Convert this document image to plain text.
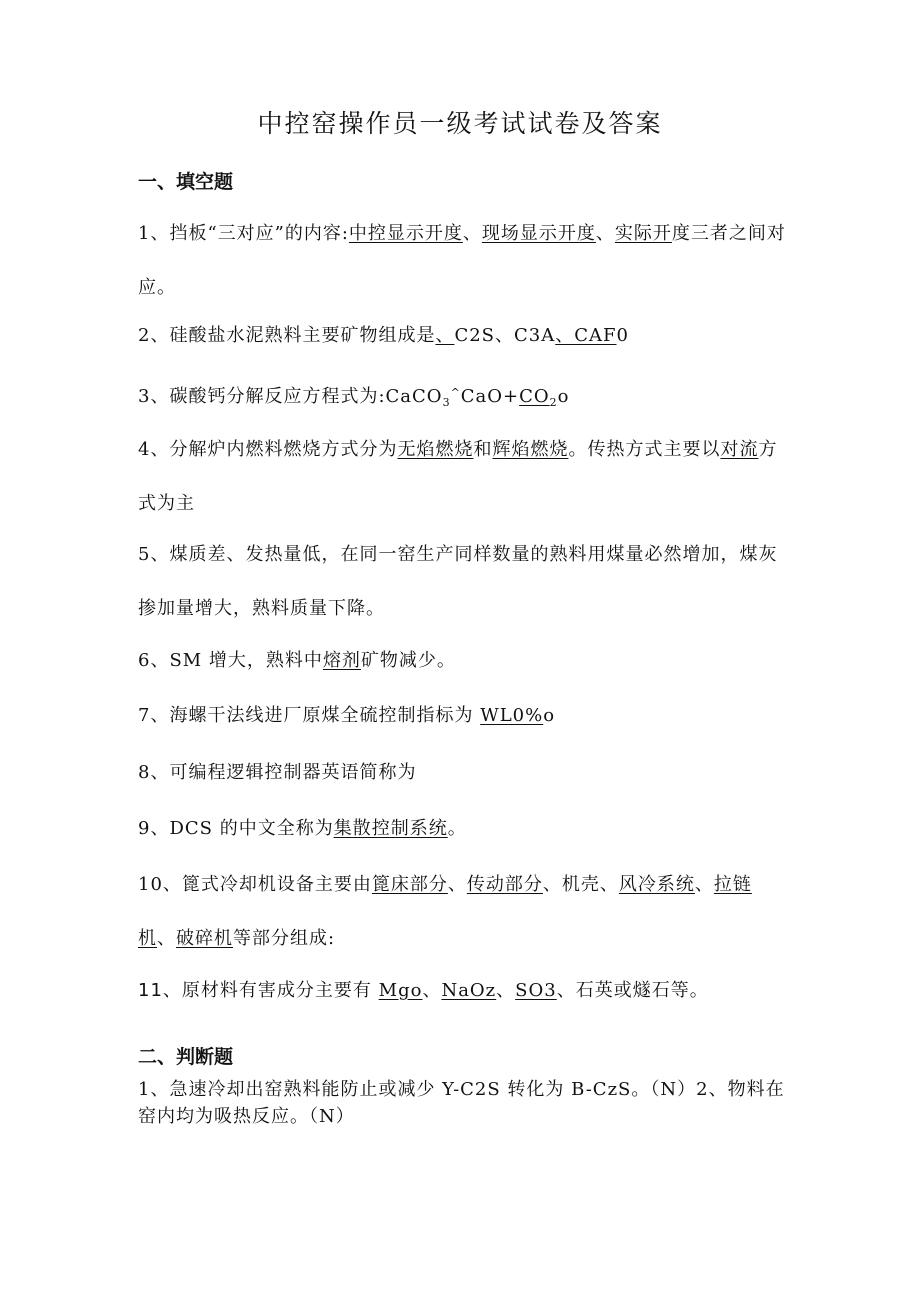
中控窑操作员一级考试试卷及答案
一、填空题
1、挡板“三对应”的内容:中控显示开度、现场显示开度、实际开度三者之间对应。
2、硅酸盐水泥熟料主要矿物组成是、C2S、C3A、CAF0
3、碳酸钙分解反应方程式为$:CaCO_3^{\^{}}CaO+CO_2o$
4、分解炉内燃料燃烧方式分为无焰燃烧和辉焰燃烧。传热方式主要以对流方式为主
5、煤质差、发热量低，在同一窑生产同样数量的熟料用煤量必然增加，煤灰掺加量增大，熟料质量下降。
6、SM 增大，熟料中熔剂矿物减少。
7、海螺干法线进厂原煤全硫控制指标为 WL0%o
8、可编程逻辑控制器英语简称为
9、DCS 的中文全称为集散控制系统。
10、篦式冷却机设备主要由篦床部分、传动部分、机壳、风冷系统、拉链机、破碎机等部分组成:
11、原材料有害成分主要有 Mgo、NaOz、SO3、石英或燧石等。
二、判断题
1、急速冷却出窑熟料能防止或减少 Y-C2S 转化为 B-CzS。（N）2、物料在窑内均为吸热反应。（N）
